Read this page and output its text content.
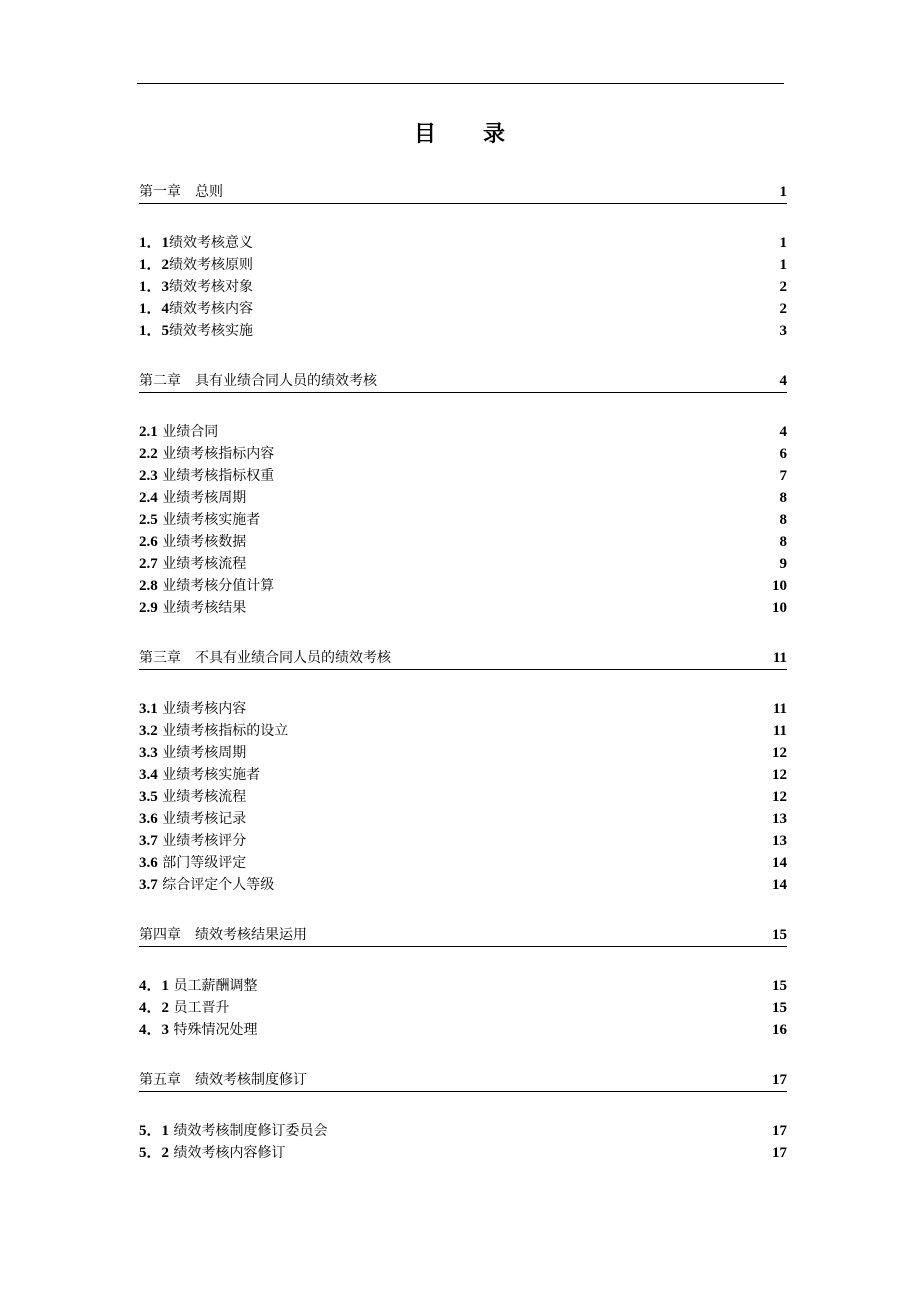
目 录
第一章　总则	1
1．1绩效考核意义	1
1．2绩效考核原则	1
1．3绩效考核对象	2
1．4绩效考核内容	2
1．5绩效考核实施	3
第二章　具有业绩合同人员的绩效考核	4
2.1 业绩合同	4
2.2 业绩考核指标内容	6
2.3 业绩考核指标权重	7
2.4 业绩考核周期	8
2.5 业绩考核实施者	8
2.6 业绩考核数据	8
2.7 业绩考核流程	9
2.8 业绩考核分值计算	10
2.9 业绩考核结果	10
第三章　不具有业绩合同人员的绩效考核	11
3.1 业绩考核内容	11
3.2 业绩考核指标的设立	11
3.3 业绩考核周期	12
3.4 业绩考核实施者	12
3.5 业绩考核流程	12
3.6 业绩考核记录	13
3.7 业绩考核评分	13
3.6 部门等级评定	14
3.7 综合评定个人等级	14
第四章　绩效考核结果运用	15
4．1 员工薪酬调整	15
4．2 员工晋升	15
4．3 特殊情况处理	16
第五章　绩效考核制度修订	17
5．1 绩效考核制度修订委员会	17
5．2 绩效考核内容修订	17
